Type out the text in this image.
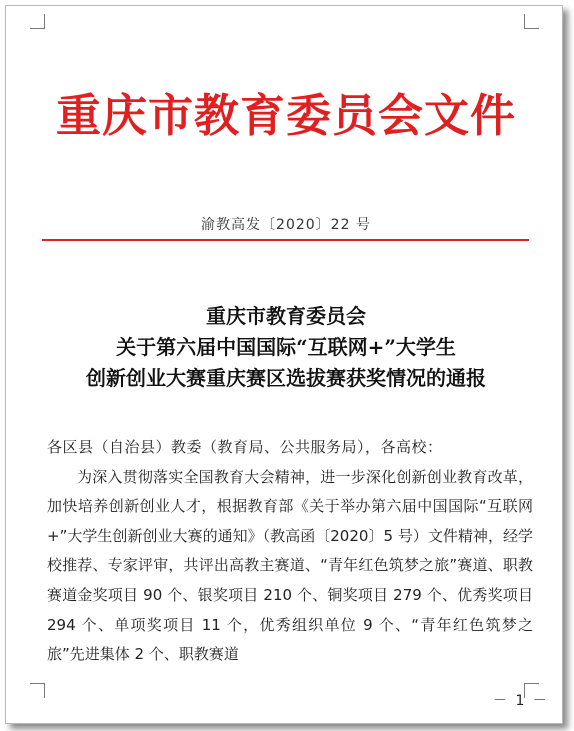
重庆市教育委员会文件
渝教高发〔2020〕22 号
重庆市教育委员会
关于第六届中国国际“互联网+”大学生
创新创业大赛重庆赛区选拔赛获奖情况的通报
各区县（自治县）教委（教育局、公共服务局），各高校：

为深入贯彻落实全国教育大会精神，进一步深化创新创业教育改革，加快培养创新创业人才，根据教育部《关于举办第六届中国国际“互联网+”大学生创新创业大赛的通知》（教高函〔2020〕5 号）文件精神，经学校推荐、专家评审，共评出高教主赛道、“青年红色筑梦之旅”赛道、职教赛道金奖项目 90 个、银奖项目 210 个、铜奖项目 279 个、优秀奖项目 294 个、单项奖项目 11 个，优秀组织单位 9 个、“青年红色筑梦之旅”先进集体 2 个、职教赛道

－ 1 －
